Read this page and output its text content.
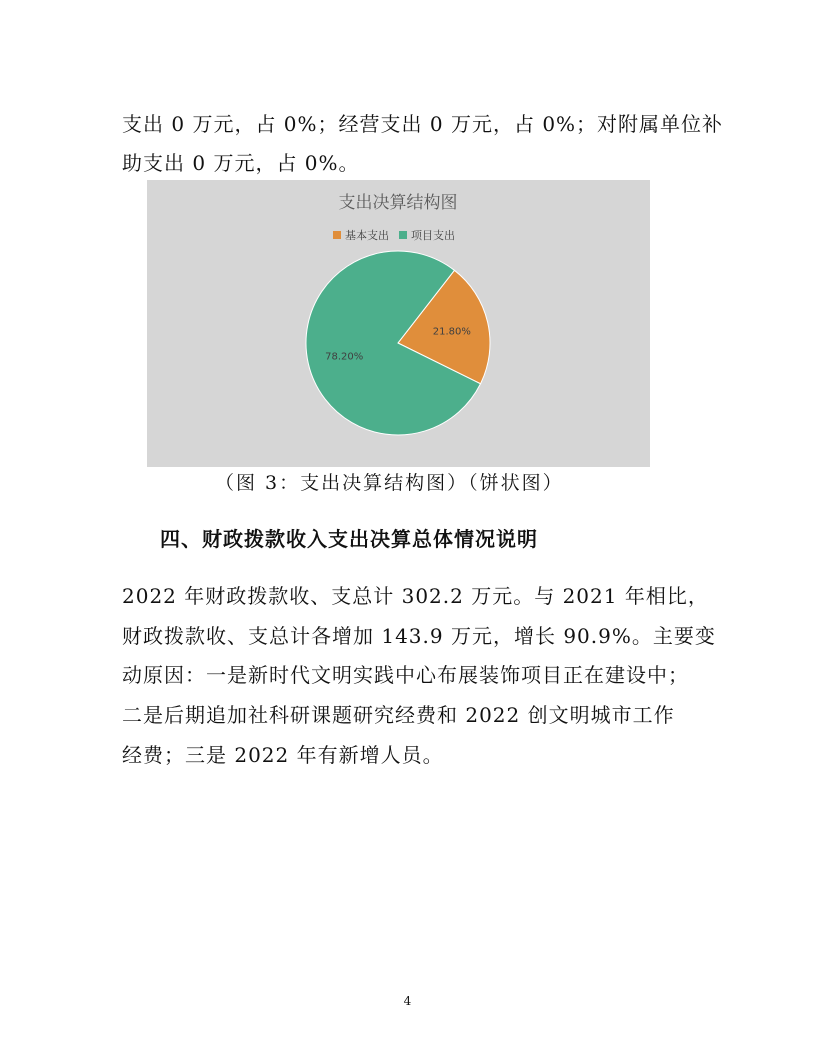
支出 0 万元，占 0%；经营支出 0 万元，占 0%；对附属单位补

助支出 0 万元，占 0%。

支出决算结构图
基本支出 项目支出
21.80%
78.20%

（图 3：支出决算结构图）（饼状图）

四、财政拨款收入支出决算总体情况说明

2022 年财政拨款收、支总计 302.2 万元。与 2021 年相比，

财政拨款收、支总计各增加 143.9 万元，增长 90.9%。主要变

动原因：一是新时代文明实践中心布展装饰项目正在建设中；

二是后期追加社科研课题研究经费和 2022 创文明城市工作

经费；三是 2022 年有新增人员。

4
